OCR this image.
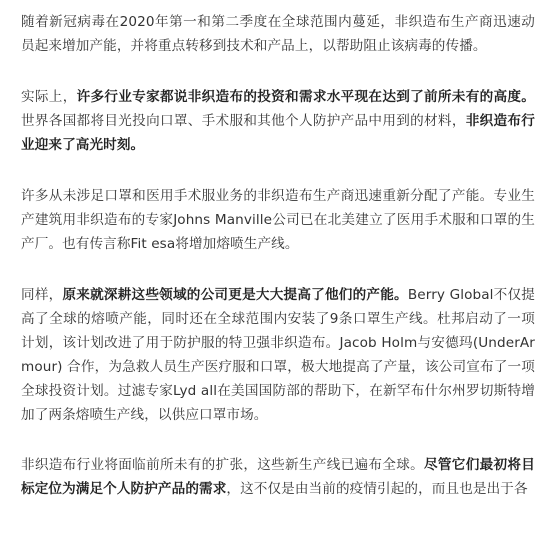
随着新冠病毒在2020年第一和第二季度在全球范围内蔓延，非织造布生产商迅速动员起来增加产能，并将重点转移到技术和产品上，以帮助阻止该病毒的传播。

实际上，许多行业专家都说非织造布的投资和需求水平现在达到了前所未有的高度。世界各国都将目光投向口罩、手术服和其他个人防护产品中用到的材料，非织造布行业迎来了高光时刻。

许多从未涉足口罩和医用手术服业务的非织造布生产商迅速重新分配了产能。专业生产建筑用非织造布的专家Johns Manville公司已在北美建立了医用手术服和口罩的生产厂。也有传言称Fit esa将增加熔喷生产线。

同样，原来就深耕这些领域的公司更是大大提高了他们的产能。Berry Global不仅提高了全球的熔喷产能，同时还在全球范围内安装了9条口罩生产线。杜邦启动了一项计划，该计划改进了用于防护服的特卫强非织造布。Jacob Holm与安德玛(UnderArmour) 合作，为急救人员生产医疗服和口罩，极大地提高了产量，该公司宣布了一项全球投资计划。过滤专家Lyd all在美国国防部的帮助下，在新罕布什尔州罗切斯特增加了两条熔喷生产线，以供应口罩市场。

非织造布行业将面临前所未有的扩张，这些新生产线已遍布全球。尽管它们最初将目标定位为满足个人防护产品的需求，这不仅是由当前的疫情引起的，而且也是出于各
